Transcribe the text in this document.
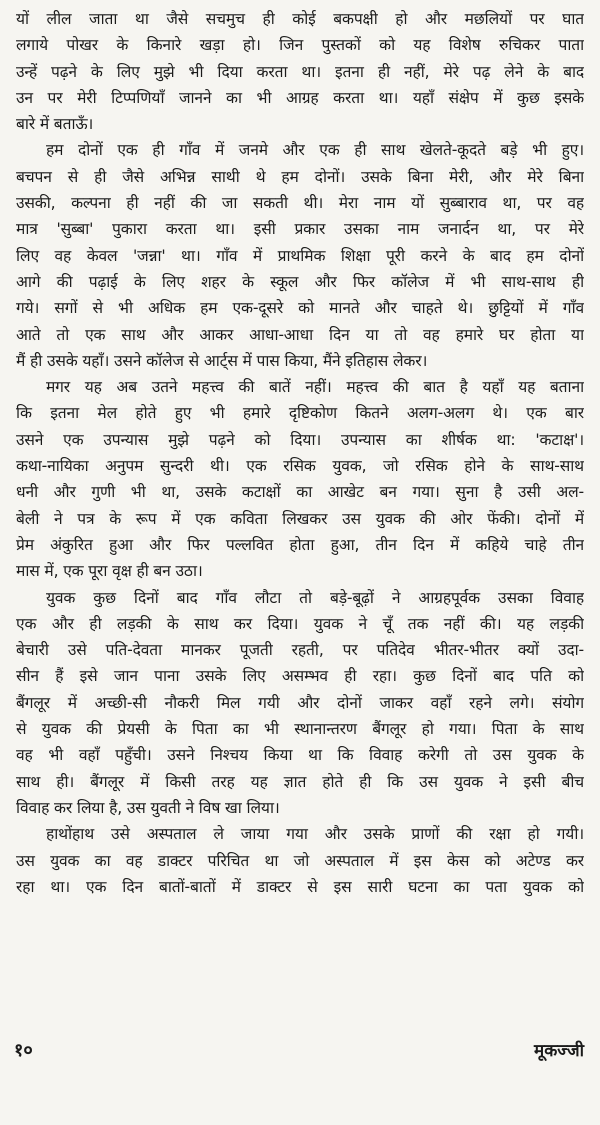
यों लील जाता था जैसे सचमुच ही कोई बकपक्षी हो और मछलियों पर घात
लगाये पोखर के किनारे खड़ा हो। जिन पुस्तकों को यह विशेष रुचिकर पाता
उन्हें पढ़ने के लिए मुझे भी दिया करता था। इतना ही नहीं, मेरे पढ़ लेने के बाद
उन पर मेरी टिप्पणियाँ जानने का भी आग्रह करता था। यहाँ संक्षेप में कुछ इसके
बारे में बताऊँ।
हम दोनों एक ही गाँव में जनमे और एक ही साथ खेलते-कूदते बड़े भी हुए।
बचपन से ही जैसे अभिन्न साथी थे हम दोनों। उसके बिना मेरी, और मेरे बिना
उसकी, कल्पना ही नहीं की जा सकती थी। मेरा नाम यों सुब्बाराव था, पर वह
मात्र 'सुब्बा' पुकारा करता था। इसी प्रकार उसका नाम जनार्दन था, पर मेरे
लिए वह केवल 'जन्ना' था। गाँव में प्राथमिक शिक्षा पूरी करने के बाद हम दोनों
आगे की पढ़ाई के लिए शहर के स्कूल और फिर कॉलेज में भी साथ-साथ ही
गये। सगों से भी अधिक हम एक-दूसरे को मानते और चाहते थे। छुट्टियों में गाँव
आते तो एक साथ और आकर आधा-आधा दिन या तो वह हमारे घर होता या
मैं ही उसके यहाँ। उसने कॉलेज से आर्ट्स में पास किया, मैंने इतिहास लेकर।
मगर यह अब उतने महत्त्व की बातें नहीं। महत्त्व की बात है यहाँ यह बताना
कि इतना मेल होते हुए भी हमारे दृष्टिकोण कितने अलग-अलग थे। एक बार
उसने एक उपन्यास मुझे पढ़ने को दिया। उपन्यास का शीर्षक था: 'कटाक्ष'।
कथा-नायिका अनुपम सुन्दरी थी। एक रसिक युवक, जो रसिक होने के साथ-साथ
धनी और गुणी भी था, उसके कटाक्षों का आखेट बन गया। सुना है उसी अल-
बेली ने पत्र के रूप में एक कविता लिखकर उस युवक की ओर फेंकी। दोनों में
प्रेम अंकुरित हुआ और फिर पल्लवित होता हुआ, तीन दिन में कहिये चाहे तीन
मास में, एक पूरा वृक्ष ही बन उठा।
युवक कुछ दिनों बाद गाँव लौटा तो बड़े-बूढ़ों ने आग्रहपूर्वक उसका विवाह
एक और ही लड़की के साथ कर दिया। युवक ने चूँ तक नहीं की। यह लड़की
बेचारी उसे पति-देवता मानकर पूजती रहती, पर पतिदेव भीतर-भीतर क्यों उदा-
सीन हैं इसे जान पाना उसके लिए असम्भव ही रहा। कुछ दिनों बाद पति को
बैंगलूर में अच्छी-सी नौकरी मिल गयी और दोनों जाकर वहाँ रहने लगे। संयोग
से युवक की प्रेयसी के पिता का भी स्थानान्तरण बैंगलूर हो गया। पिता के साथ
वह भी वहाँ पहुँची। उसने निश्चय किया था कि विवाह करेगी तो उस युवक के
साथ ही। बैंगलूर में किसी तरह यह ज्ञात होते ही कि उस युवक ने इसी बीच
विवाह कर लिया है, उस युवती ने विष खा लिया।
हाथोंहाथ उसे अस्पताल ले जाया गया और उसके प्राणों की रक्षा हो गयी।
उस युवक का वह डाक्टर परिचित था जो अस्पताल में इस केस को अटेण्ड कर
रहा था। एक दिन बातों-बातों में डाक्टर से इस सारी घटना का पता युवक को
१०	मूकज्जी
